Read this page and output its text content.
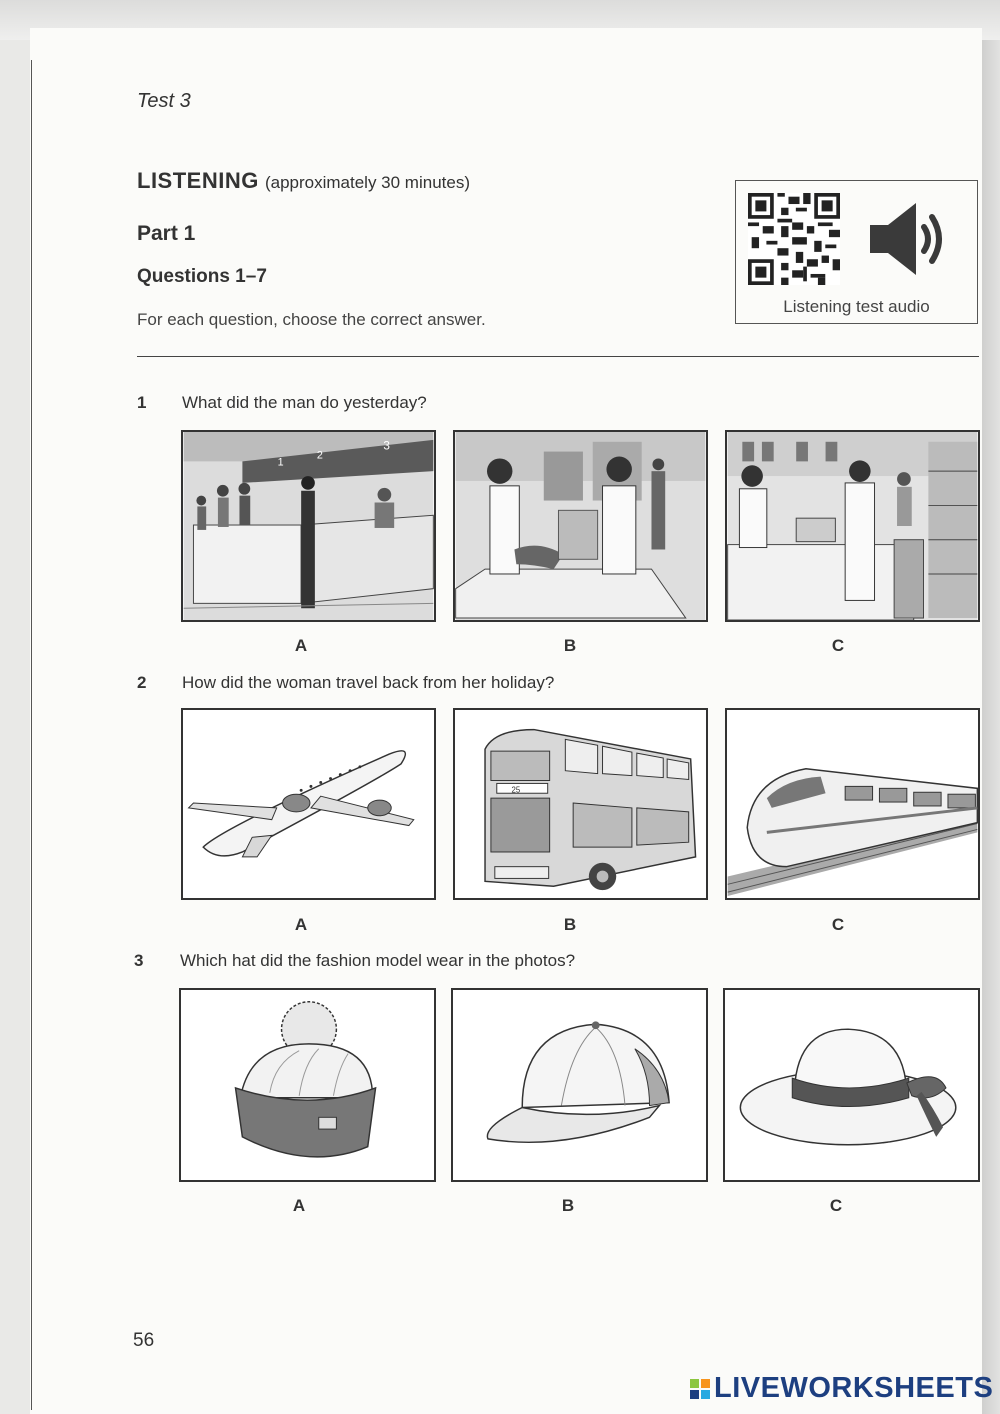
Test 3
LISTENING (approximately 30 minutes)
Part 1
Questions 1–7
For each question, choose the correct answer.
Listening test audio
1 What did the man do yesterday?
1
2
3
A	B	C
2 How did the woman travel back from her holiday?
25
A	B	C
3 Which hat did the fashion model wear in the photos?
A	B	C
56
LIVEWORKSHEETS
